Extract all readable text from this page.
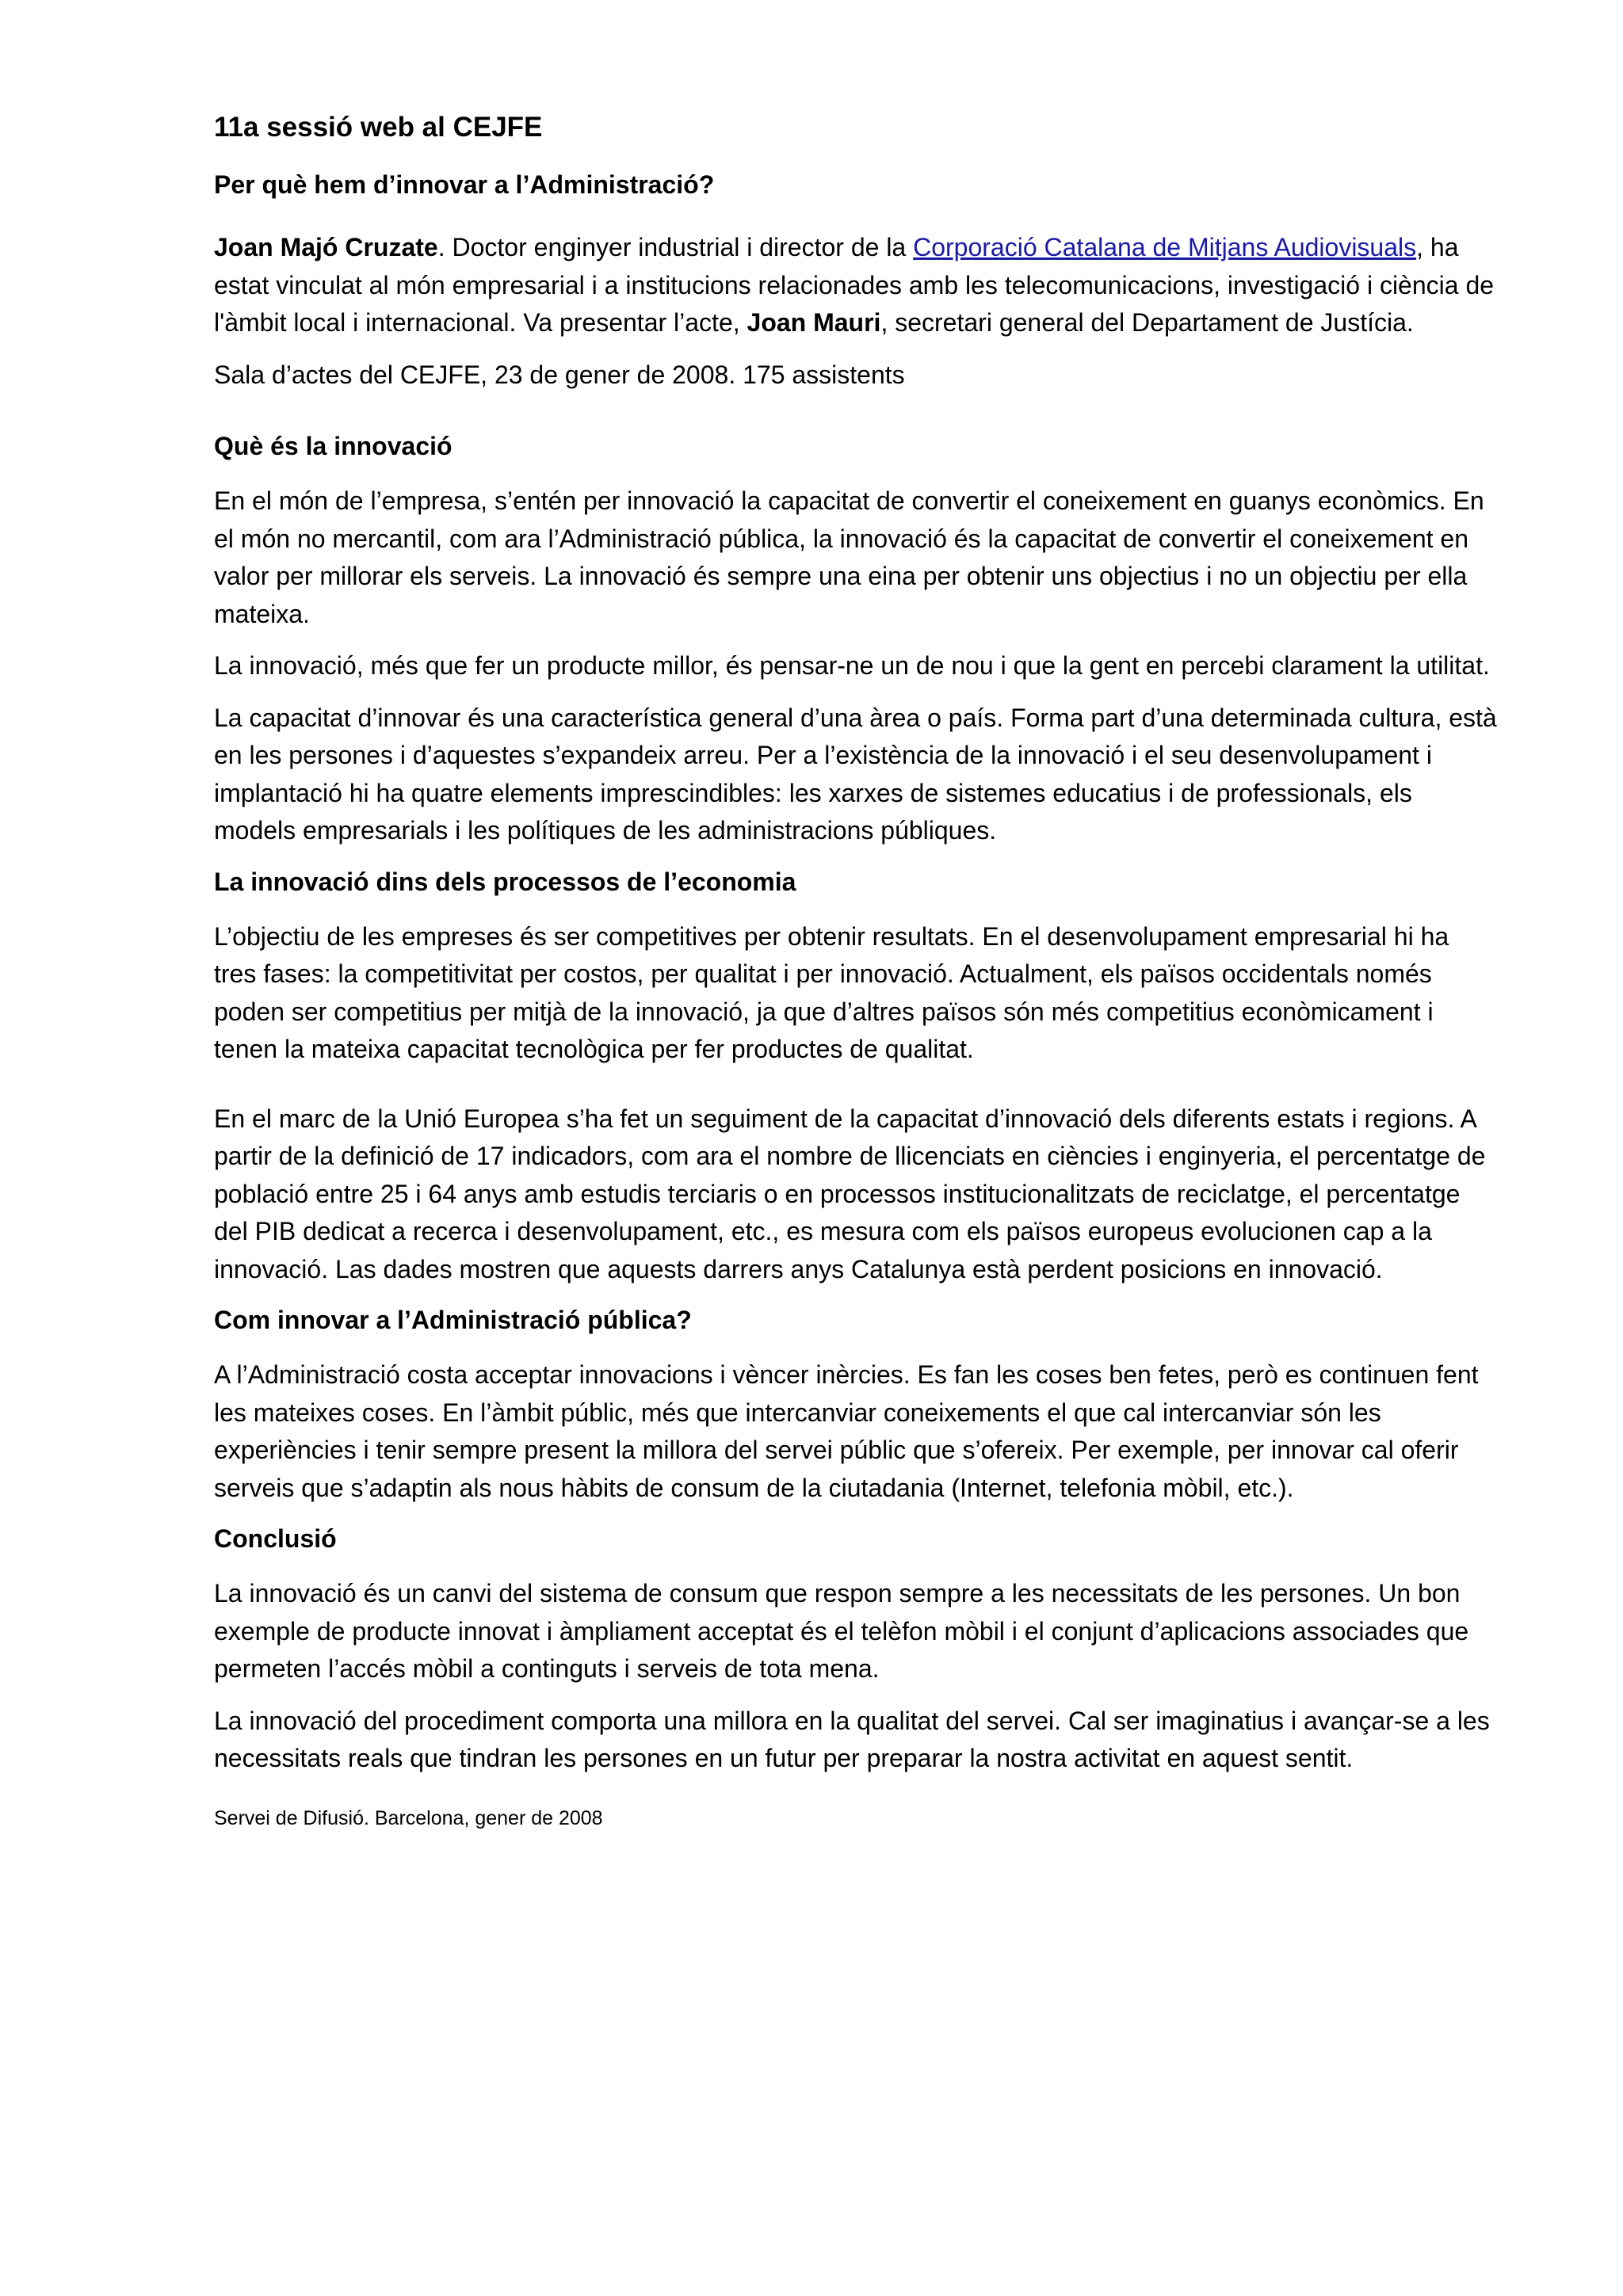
11a sessió web al CEJFE
Per què hem d’innovar a l’Administració?

Joan Majó Cruzate. Doctor enginyer industrial i director de la Corporació Catalana de Mitjans Audiovisuals, ha estat vinculat al món empresarial i a institucions relacionades amb les telecomunicacions, investigació i ciència de l'àmbit local i internacional. Va presentar l’acte, Joan Mauri, secretari general del Departament de Justícia.

Sala d’actes del CEJFE, 23 de gener de 2008. 175 assistents

Què és la innovació

En el món de l’empresa, s’entén per innovació la capacitat de convertir el coneixement en guanys econòmics. En el món no mercantil, com ara l’Administració pública, la innovació és la capacitat de convertir el coneixement en valor per millorar els serveis. La innovació és sempre una eina per obtenir uns objectius i no un objectiu per ella mateixa.

La innovació, més que fer un producte millor, és pensar-ne un de nou i que la gent en percebi clarament la utilitat.

La capacitat d’innovar és una característica general d’una àrea o país. Forma part d’una determinada cultura, està en les persones i d’aquestes s’expandeix arreu. Per a l’existència de la innovació i el seu desenvolupament i implantació hi ha quatre elements imprescindibles: les xarxes de sistemes educatius i de professionals, els models empresarials i les polítiques de les administracions públiques.

La innovació dins dels processos de l’economia

L’objectiu de les empreses és ser competitives per obtenir resultats. En el desenvolupament empresarial hi ha tres fases: la competitivitat per costos, per qualitat i per innovació. Actualment, els països occidentals només poden ser competitius per mitjà de la innovació, ja que d’altres països són més competitius econòmicament i tenen la mateixa capacitat tecnològica per fer productes de qualitat.

En el marc de la Unió Europea s’ha fet un seguiment de la capacitat d’innovació dels diferents estats i regions. A partir de la definició de 17 indicadors, com ara el nombre de llicenciats en ciències i enginyeria, el percentatge de població entre 25 i 64 anys amb estudis terciaris o en processos institucionalitzats de reciclatge, el percentatge del PIB dedicat a recerca i desenvolupament, etc., es mesura com els països europeus evolucionen cap a la innovació. Las dades mostren que aquests darrers anys Catalunya està perdent posicions en innovació.

Com innovar a l’Administració pública?

A l’Administració costa acceptar innovacions i vèncer inèrcies. Es fan les coses ben fetes, però es continuen fent les mateixes coses. En l’àmbit públic, més que intercanviar coneixements el que cal intercanviar són les experiències i tenir sempre present la millora del servei públic que s’ofereix. Per exemple, per innovar cal oferir serveis que s’adaptin als nous hàbits de consum de la ciutadania (Internet, telefonia mòbil, etc.).

Conclusió

La innovació és un canvi del sistema de consum que respon sempre a les necessitats de les persones. Un bon exemple de producte innovat i àmpliament acceptat és el telèfon mòbil i el conjunt d’aplicacions associades que permeten l’accés mòbil a continguts i serveis de tota mena.

La innovació del procediment comporta una millora en la qualitat del servei. Cal ser imaginatius i avançar-se a les necessitats reals que tindran les persones en un futur per preparar la nostra activitat en aquest sentit.

Servei de Difusió. Barcelona, gener de 2008
